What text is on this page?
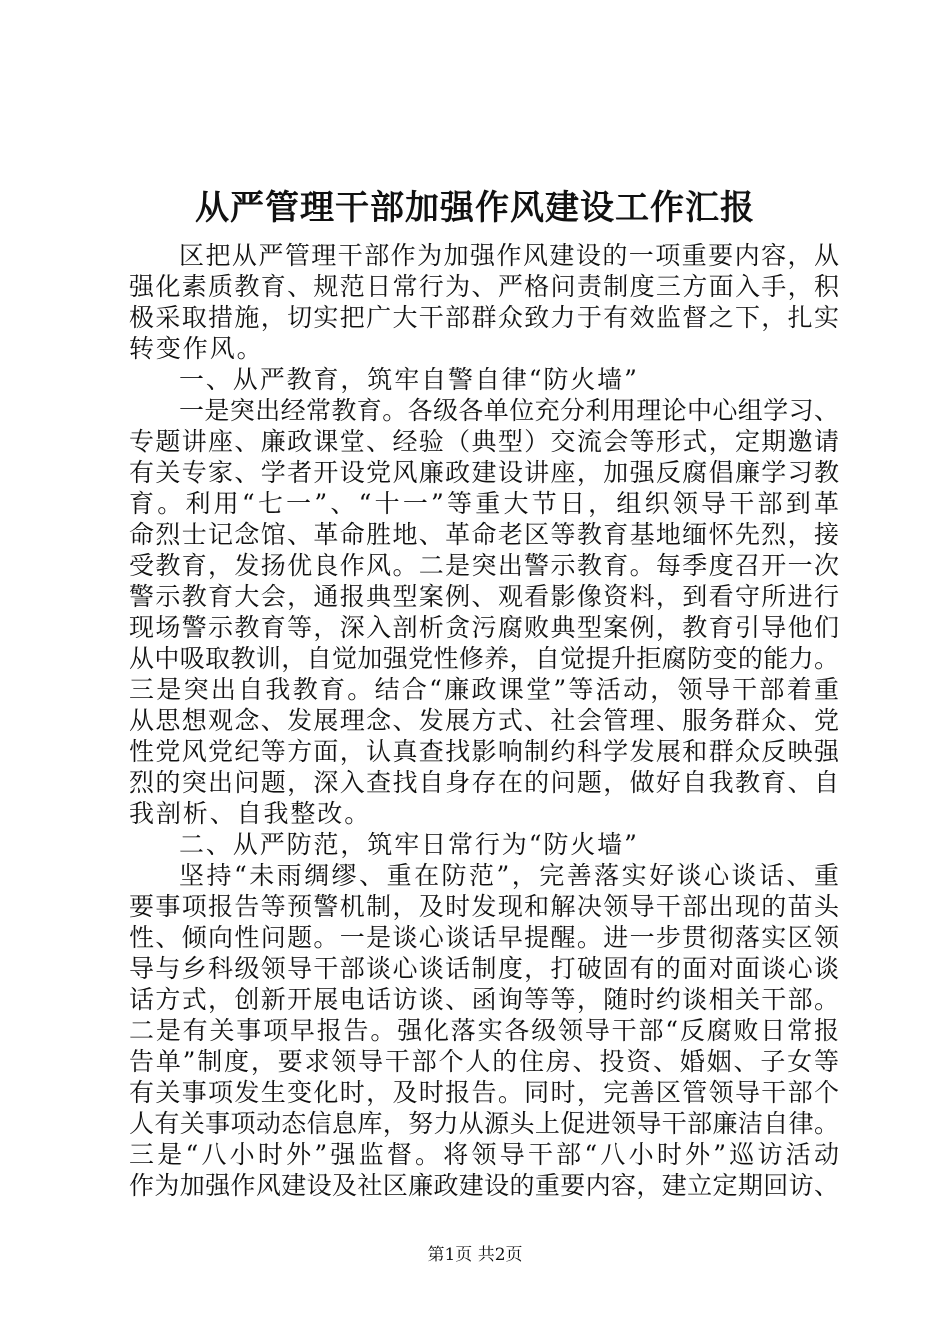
从严管理干部加强作风建设工作汇报
区把从严管理干部作为加强作风建设的一项重要内容，从
强化素质教育、规范日常行为、严格问责制度三方面入手，积
极采取措施，切实把广大干部群众致力于有效监督之下，扎实
转变作风。
一、从严教育，筑牢自警自律“防火墙”
一是突出经常教育。各级各单位充分利用理论中心组学习、
专题讲座、廉政课堂、经验（典型）交流会等形式，定期邀请
有关专家、学者开设党风廉政建设讲座，加强反腐倡廉学习教
育。利用“七一”、“十一”等重大节日，组织领导干部到革
命烈士记念馆、革命胜地、革命老区等教育基地缅怀先烈，接
受教育，发扬优良作风。二是突出警示教育。每季度召开一次
警示教育大会，通报典型案例、观看影像资料，到看守所进行
现场警示教育等，深入剖析贪污腐败典型案例，教育引导他们
从中吸取教训，自觉加强党性修养，自觉提升拒腐防变的能力。
三是突出自我教育。结合“廉政课堂”等活动，领导干部着重
从思想观念、发展理念、发展方式、社会管理、服务群众、党
性党风党纪等方面，认真查找影响制约科学发展和群众反映强
烈的突出问题，深入查找自身存在的问题，做好自我教育、自
我剖析、自我整改。
二、从严防范，筑牢日常行为“防火墙”
坚持“未雨绸缪、重在防范”，完善落实好谈心谈话、重
要事项报告等预警机制，及时发现和解决领导干部出现的苗头
性、倾向性问题。一是谈心谈话早提醒。进一步贯彻落实区领
导与乡科级领导干部谈心谈话制度，打破固有的面对面谈心谈
话方式，创新开展电话访谈、函询等等，随时约谈相关干部。
二是有关事项早报告。强化落实各级领导干部“反腐败日常报
告单”制度，要求领导干部个人的住房、投资、婚姻、子女等
有关事项发生变化时，及时报告。同时，完善区管领导干部个
人有关事项动态信息库，努力从源头上促进领导干部廉洁自律。
三是“八小时外”强监督。将领导干部“八小时外”巡访活动
作为加强作风建设及社区廉政建设的重要内容，建立定期回访、
第1页 共2页
